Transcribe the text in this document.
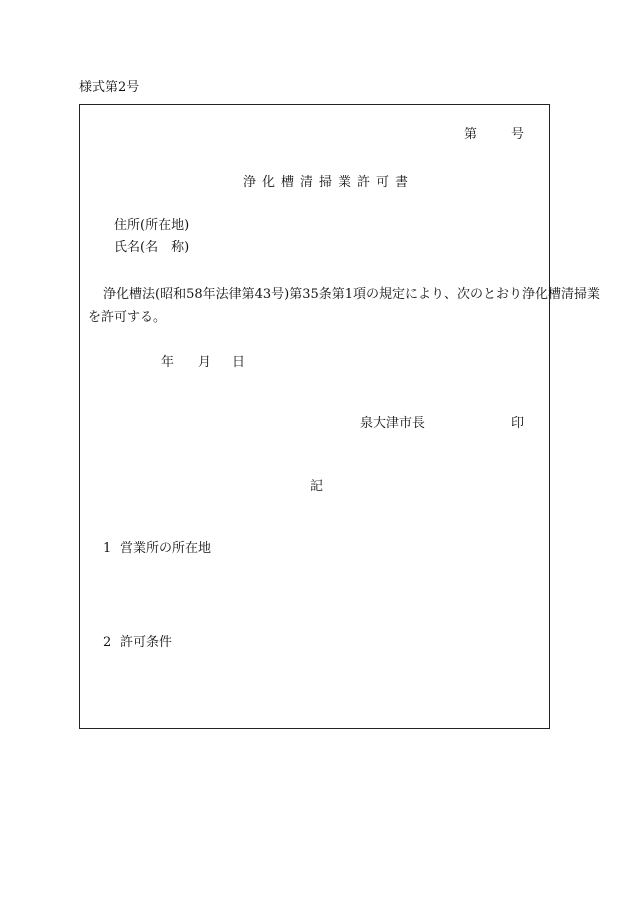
様式第2号
第	号
浄化槽清掃業許可書
住所(所在地)
氏名(名　称)
浄化槽法(昭和58年法律第43号)第35条第1項の規定により、次のとおり浄化槽清掃業
を許可する。
年 月 日
泉大津市長	印
記
1 営業所の所在地
2 許可条件
